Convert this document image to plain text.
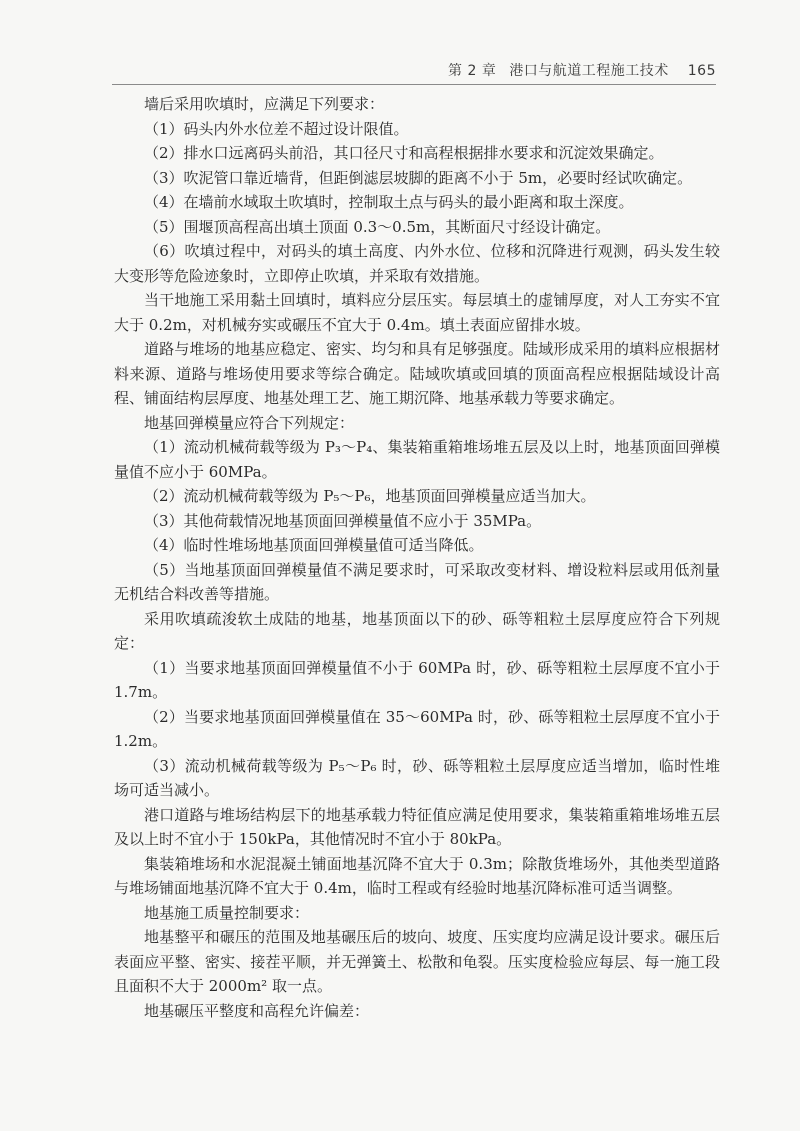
第 2 章 港口与航道工程施工技术 165

墙后采用吹填时，应满足下列要求：

（1）码头内外水位差不超过设计限值。

（2）排水口远离码头前沿，其口径尺寸和高程根据排水要求和沉淀效果确定。

（3）吹泥管口靠近墙背，但距倒滤层坡脚的距离不小于 5m，必要时经试吹确定。

（4）在墙前水域取土吹填时，控制取土点与码头的最小距离和取土深度。

（5）围堰顶高程高出填土顶面 0.3～0.5m，其断面尺寸经设计确定。

（6）吹填过程中，对码头的填土高度、内外水位、位移和沉降进行观测，码头发生较大变形等危险迹象时，立即停止吹填，并采取有效措施。

当干地施工采用黏土回填时，填料应分层压实。每层填土的虚铺厚度，对人工夯实不宜大于 0.2m，对机械夯实或碾压不宜大于 0.4m。填土表面应留排水坡。

道路与堆场的地基应稳定、密实、均匀和具有足够强度。陆域形成采用的填料应根据材料来源、道路与堆场使用要求等综合确定。陆域吹填或回填的顶面高程应根据陆域设计高程、铺面结构层厚度、地基处理工艺、施工期沉降、地基承载力等要求确定。

地基回弹模量应符合下列规定：

（1）流动机械荷载等级为 P₃～P₄、集装箱重箱堆场堆五层及以上时，地基顶面回弹模量值不应小于 60MPa。

（2）流动机械荷载等级为 P₅～P₆，地基顶面回弹模量应适当加大。

（3）其他荷载情况地基顶面回弹模量值不应小于 35MPa。

（4）临时性堆场地基顶面回弹模量值可适当降低。

（5）当地基顶面回弹模量值不满足要求时，可采取改变材料、增设粒料层或用低剂量无机结合料改善等措施。

采用吹填疏浚软土成陆的地基，地基顶面以下的砂、砾等粗粒土层厚度应符合下列规定：

（1）当要求地基顶面回弹模量值不小于 60MPa 时，砂、砾等粗粒土层厚度不宜小于 1.7m。

（2）当要求地基顶面回弹模量值在 35～60MPa 时，砂、砾等粗粒土层厚度不宜小于 1.2m。

（3）流动机械荷载等级为 P₅～P₆ 时，砂、砾等粗粒土层厚度应适当增加，临时性堆场可适当减小。

港口道路与堆场结构层下的地基承载力特征值应满足使用要求，集装箱重箱堆场堆五层及以上时不宜小于 150kPa，其他情况时不宜小于 80kPa。

集装箱堆场和水泥混凝土铺面地基沉降不宜大于 0.3m；除散货堆场外，其他类型道路与堆场铺面地基沉降不宜大于 0.4m，临时工程或有经验时地基沉降标准可适当调整。

地基施工质量控制要求：

地基整平和碾压的范围及地基碾压后的坡向、坡度、压实度均应满足设计要求。碾压后表面应平整、密实、接茬平顺，并无弹簧土、松散和龟裂。压实度检验应每层、每一施工段且面积不大于 2000m² 取一点。

地基碾压平整度和高程允许偏差：
